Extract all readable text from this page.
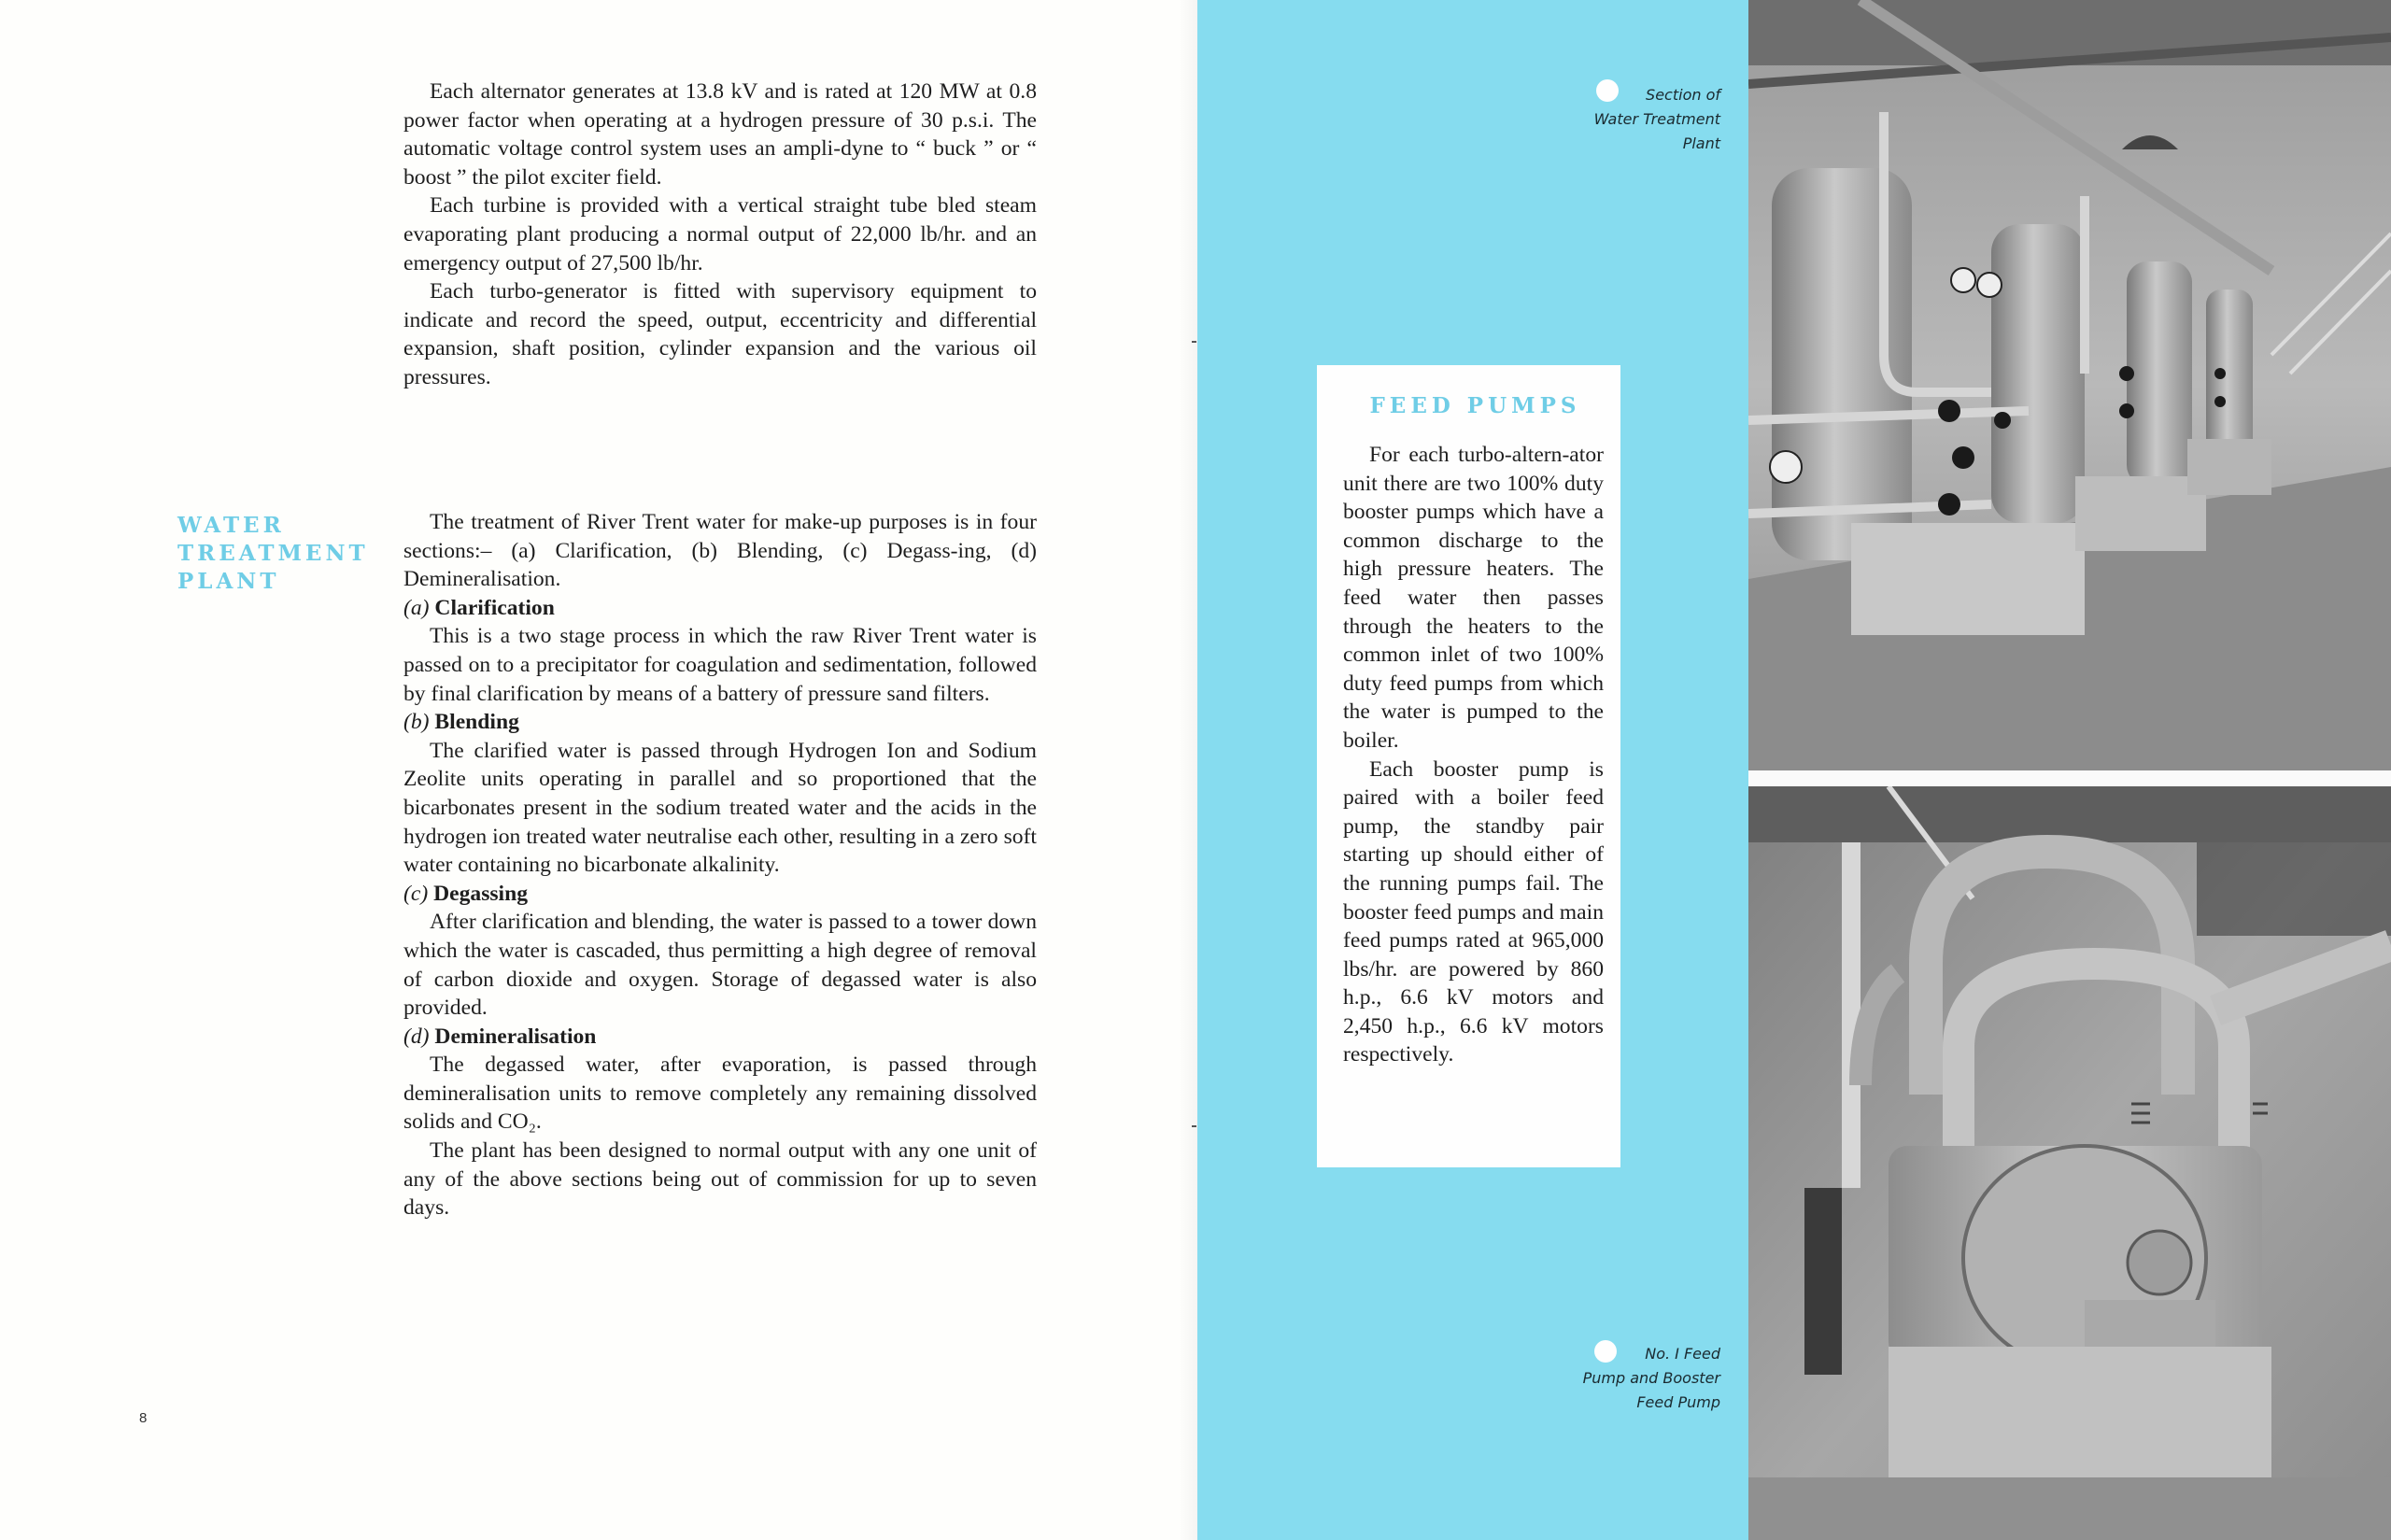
Each alternator generates at 13.8 kV and is rated at 120 MW at 0.8 power factor when operating at a hydrogen pressure of 30 p.s.i. The automatic voltage control system uses an ampli-dyne to “ buck ” or “ boost ” the pilot exciter field.

Each turbine is provided with a vertical straight tube bled steam evaporating plant producing a normal output of 22,000 lb/hr. and an emergency output of 27,500 lb/hr.

Each turbo-generator is fitted with supervisory equipment to indicate and record the speed, output, eccentricity and differential expansion, shaft position, cylinder expansion and the various oil pressures.

WATER
TREATMENT
PLANT

The treatment of River Trent water for make-up purposes is in four sections:– (a) Clarification, (b) Blending, (c) Degass-ing, (d) Demineralisation.

(a) Clarification

This is a two stage process in which the raw River Trent water is passed on to a precipitator for coagulation and sedimentation, followed by final clarification by means of a battery of pressure sand filters.

(b) Blending

The clarified water is passed through Hydrogen Ion and Sodium Zeolite units operating in parallel and so proportioned that the bicarbonates present in the sodium treated water and the acids in the hydrogen ion treated water neutralise each other, resulting in a zero soft water containing no bicarbonate alkalinity.

(c) Degassing

After clarification and blending, the water is passed to a tower down which the water is cascaded, thus permitting a high degree of removal of carbon dioxide and oxygen. Storage of degassed water is also provided.

(d) Demineralisation

The degassed water, after evaporation, is passed through demineralisation units to remove completely any remaining dissolved solids and CO₂.

The plant has been designed to normal output with any one unit of any of the above sections being out of commission for up to seven days.

8
Section of
Water Treatment
Plant
FEED PUMPS

For each turbo-altern-ator unit there are two 100% duty booster pumps which have a common discharge to the high pressure heaters. The feed water then passes through the heaters to the common inlet of two 100% duty feed pumps from which the water is pumped to the boiler.

Each booster pump is paired with a boiler feed pump, the standby pair starting up should either of the running pumps fail. The booster feed pumps and main feed pumps rated at 965,000 lbs/hr. are powered by 860 h.p., 6.6 kV motors and 2,450 h.p., 6.6 kV motors respectively.

No. I Feed
Pump and Booster
Feed Pump
